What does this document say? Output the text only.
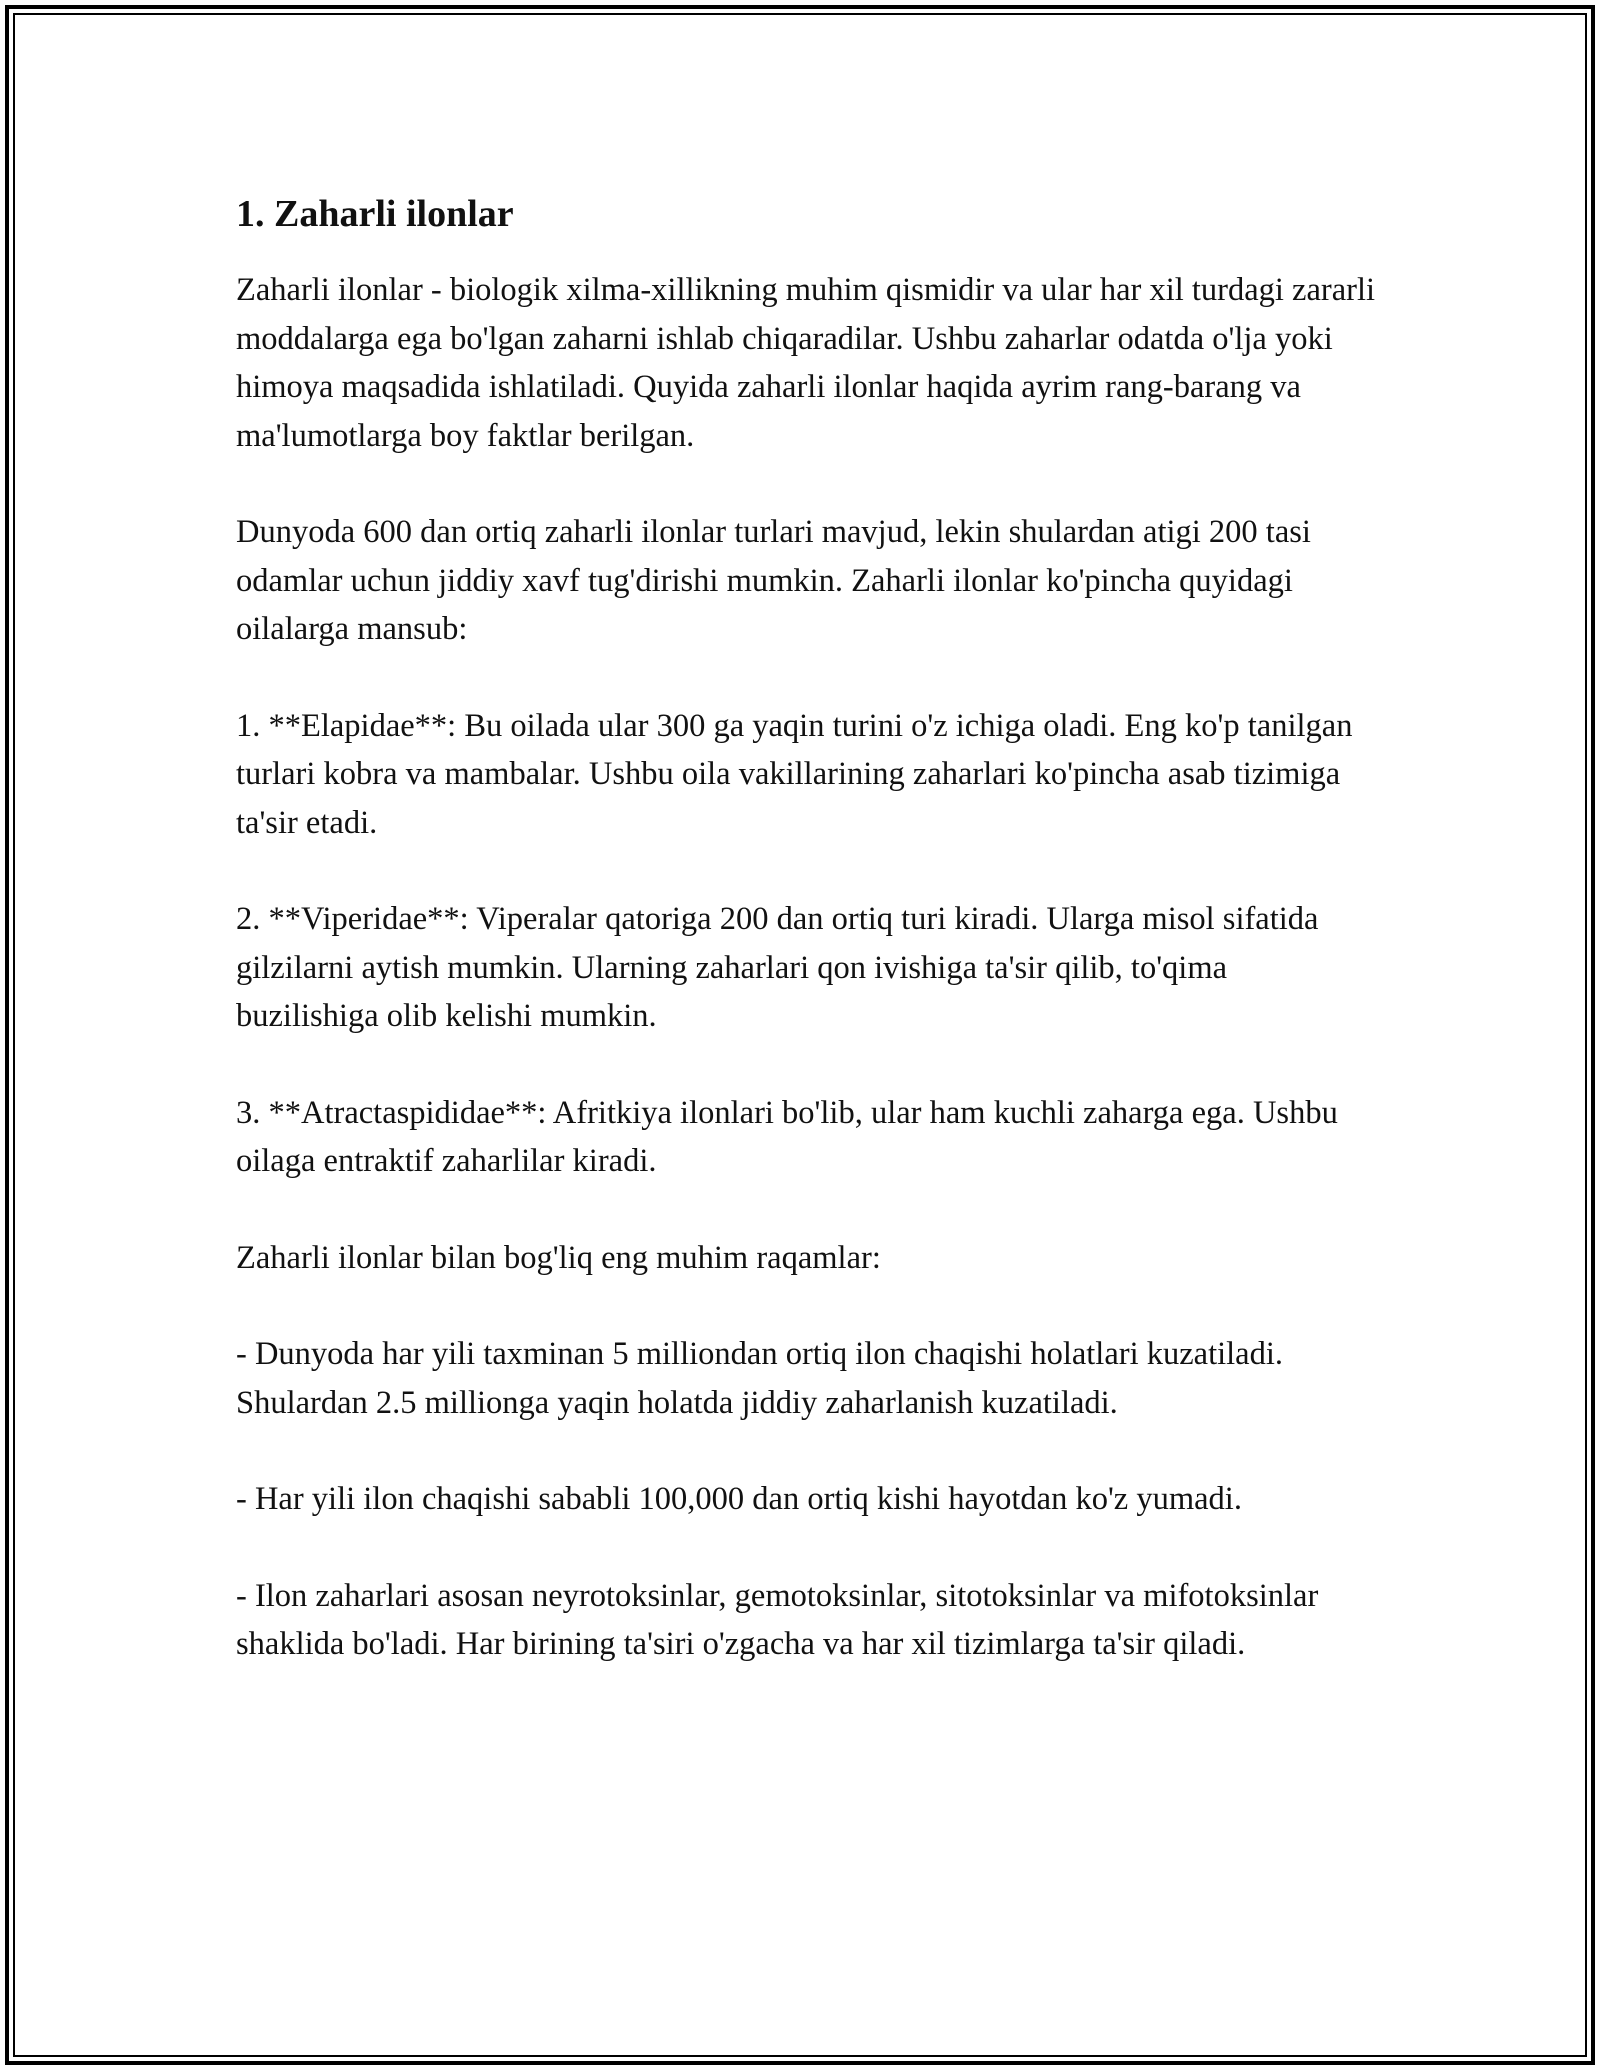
1. Zaharli ilonlar

Zaharli ilonlar - biologik xilma-xillikning muhim qismidir va ular har xil turdagi zararli moddalarga ega bo'lgan zaharni ishlab chiqaradilar. Ushbu zaharlar odatda o'lja yoki himoya maqsadida ishlatiladi. Quyida zaharli ilonlar haqida ayrim rang-barang va ma'lumotlarga boy faktlar berilgan.

Dunyoda 600 dan ortiq zaharli ilonlar turlari mavjud, lekin shulardan atigi 200 tasi odamlar uchun jiddiy xavf tug'dirishi mumkin. Zaharli ilonlar ko'pincha quyidagi oilalarga mansub:

1. **Elapidae**: Bu oilada ular 300 ga yaqin turini o'z ichiga oladi. Eng ko'p tanilgan turlari kobra va mambalar. Ushbu oila vakillarining zaharlari ko'pincha asab tizimiga ta'sir etadi.

2. **Viperidae**: Viperalar qatoriga 200 dan ortiq turi kiradi. Ularga misol sifatida gilzilarni aytish mumkin. Ularning zaharlari qon ivishiga ta'sir qilib, to'qima buzilishiga olib kelishi mumkin.

3. **Atractaspididae**: Afritkiya ilonlari bo'lib, ular ham kuchli zaharga ega. Ushbu oilaga entraktif zaharlilar kiradi.

Zaharli ilonlar bilan bog'liq eng muhim raqamlar:

- Dunyoda har yili taxminan 5 milliondan ortiq ilon chaqishi holatlari kuzatiladi. Shulardan 2.5 millionga yaqin holatda jiddiy zaharlanish kuzatiladi.

- Har yili ilon chaqishi sababli 100,000 dan ortiq kishi hayotdan ko'z yumadi.

- Ilon zaharlari asosan neyrotoksinlar, gemotoksinlar, sitotoksinlar va mifotoksinlar shaklida bo'ladi. Har birining ta'siri o'zgacha va har xil tizimlarga ta'sir qiladi.
